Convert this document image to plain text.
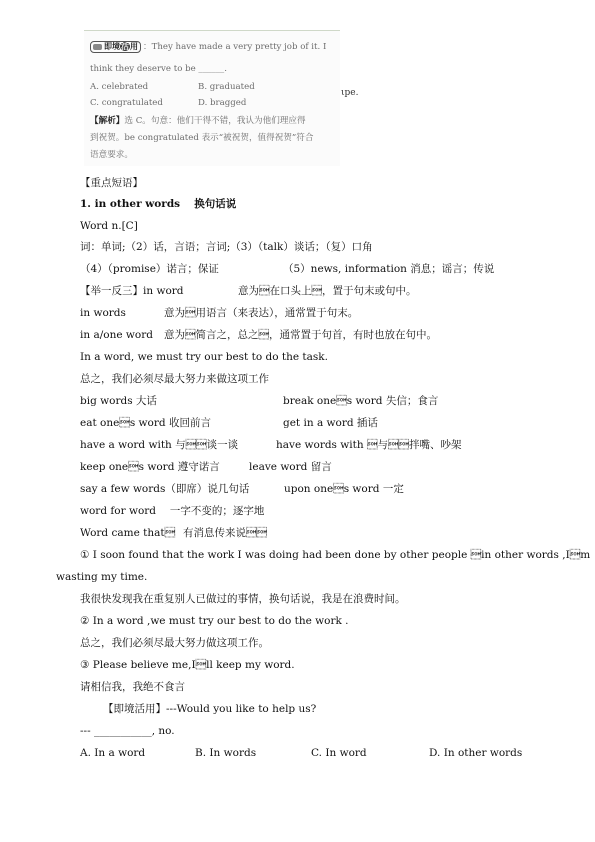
即境活用 ：They have made a very pretty job of it. I
think they deserve to be ______.
A. celebrated	B. graduated
C. congratulated	D. bragged
【解析】选 C。句意：他们干得不错，我认为他们理应得
到祝贺。be congratulated 表示“被祝贺，值得祝贺”符合
语意要求。
ιpe.
【重点短语】
1. in other words　 换句话说
Word n.[C]
词：单词;（2）话，言语；言词;（3）（talk）谈话；（复）口角
（4）（promise）诺言；保证	（5）news, information 消息；谣言；传说
【举一反三】in word	意为在口头上，置于句末或句中。
in words	意为用语言（来表达），通常置于句末。
in a/one word 意为简言之，总之，通常置于句首，有时也放在句中。
In a word, we must try our best to do the task.
总之，我们必须尽最大努力来做这项工作
big words 大话	break ones word 失信；食言
eat ones word 收回前言	get in a word 插话
have a word with 与谈一谈	have words with 与拌嘴、吵架
keep ones word 遵守诺言	leave word 留言
say a few words（即席）说几句话	upon ones word 一定
word for word　 一字不变的；逐字地
Word came that 有消息传来说
① I soon found that the work I was doing had been done by other people in other words ,Im
wasting my time.
我很快发现我在重复别人已做过的事情，换句话说，我是在浪费时间。
② In a word ,we must try our best to do the work .
总之，我们必须尽最大努力做这项工作。
③ Please believe me,Ill keep my word.
请相信我，我绝不食言
【即境活用】---Would you like to help us?
--- ___________, no.
A. In a word	B. In words	C. In word	D. In other words
